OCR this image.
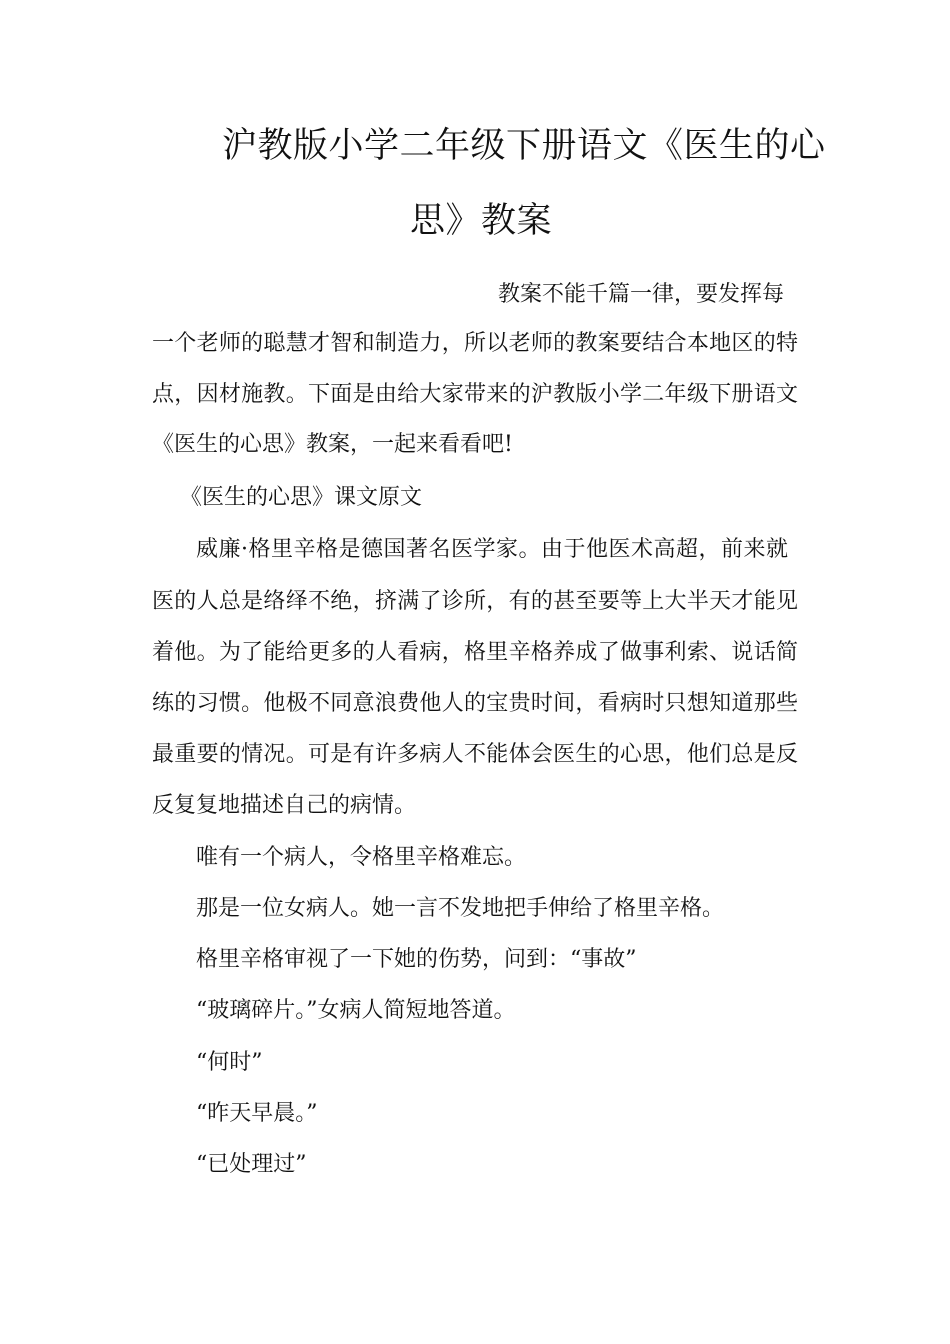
沪教版小学二年级下册语文《医生的心
思》教案
教案不能千篇一律，要发挥每
一个老师的聪慧才智和制造力，所以老师的教案要结合本地区的特
点，因材施教。下面是由给大家带来的沪教版小学二年级下册语文
《医生的心思》教案，一起来看看吧!
《医生的心思》课文原文
威廉·格里辛格是德国著名医学家。由于他医术高超，前来就
医的人总是络绎不绝，挤满了诊所，有的甚至要等上大半天才能见
着他。为了能给更多的人看病，格里辛格养成了做事利索、说话简
练的习惯。他极不同意浪费他人的宝贵时间，看病时只想知道那些
最重要的情况。可是有许多病人不能体会医生的心思，他们总是反
反复复地描述自己的病情。
唯有一个病人，令格里辛格难忘。
那是一位女病人。她一言不发地把手伸给了格里辛格。
格里辛格审视了一下她的伤势，问到：“事故”
“玻璃碎片。”女病人简短地答道。
“何时”
“昨天早晨。”
“已处理过”
